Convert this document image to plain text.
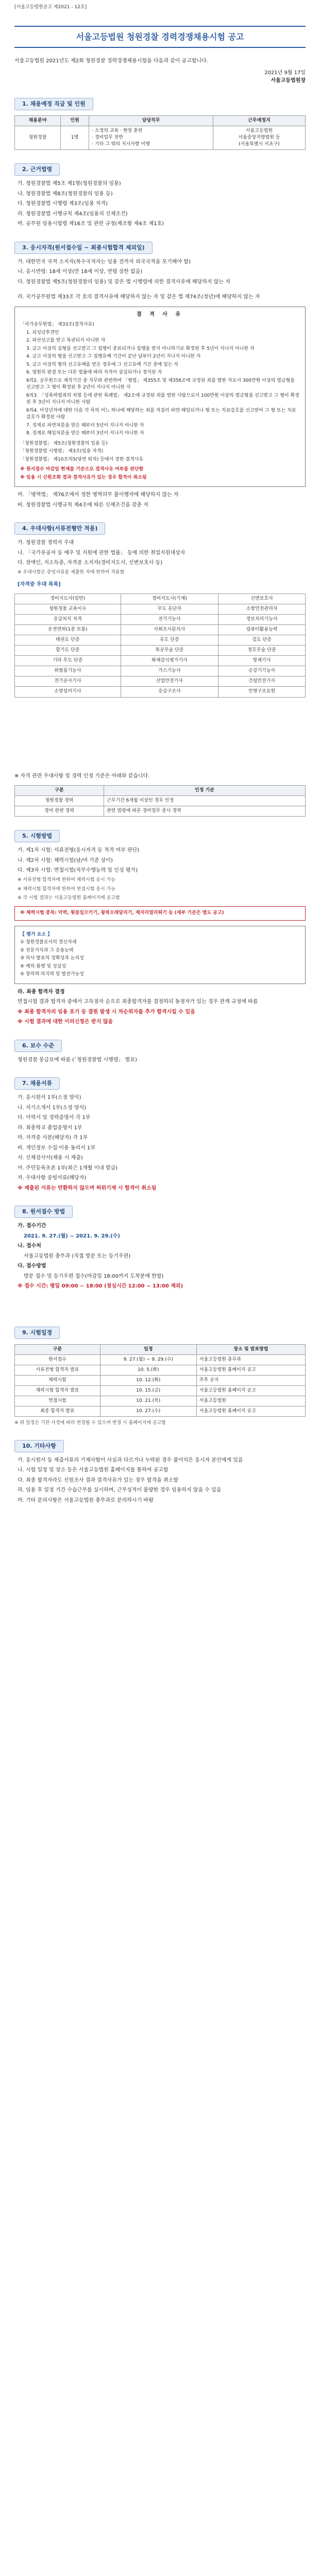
[서울고등법원공고 제2021 - 12호]
서울고등법원 청원경찰 경력경쟁채용시험 공고

서울고등법원 2021년도 제2회 청원경찰 경력경쟁채용시험을 다음과 같이 공고합니다.

2021년 9월 17일
서울고등법원장
1. 채용예정 직급 및 인원
채용분야	인원	담당직무	근무예정지
청원경찰	1명	· 소정의 교육 · 현장 훈련
· 경비업무 전반
· 기타 그 밖의 지시사항 이행	서울고등법원
서울중앙지방법원 등
(서울특별시 서초구)
2. 근거법령

가. 청원경찰법 제5조 제1항(청원경찰의 임용)

나. 청원경찰법 제8조(청원경찰의 임용 등)

다. 청원경찰법 시행령 제3조(임용 자격)

라. 청원경찰법 시행규칙 제4조(임용의 신체조건)

마. 공무원 임용시험령 제16조 및 관련 규정(제조항 제4조 제1호)

3. 응시자격(원서접수일 ~ 최종시험합격 제외일)

가. 대한민국 국적 소지자(복수국적자는 임용 전까지 외국국적을 포기해야 함)

나. 응시연령: 18세 이상(만 18세 이상, 연령 상한 없음)

다. 청원경찰법 제5조(청원경찰의 임용) 및 같은 법 시행령에 의한 결격사유에 해당하지 않는 자

라. 국가공무원법 제33조 각 호의 결격사유에 해당하지 않는 자 및 같은 법 제74조(정년)에 해당하지 않는 자

결 격 사 유

「국가공무원법」 제33조(결격사유)

1. 피성년후견인

2. 파산선고를 받고 복권되지 아니한 자

3. 금고 이상의 실형을 선고받고 그 집행이 종료되거나 집행을 받지 아니하기로 확정된 후 5년이 지나지 아니한 자

4. 금고 이상의 형을 선고받고 그 집행유예 기간이 끝난 날부터 2년이 지나지 아니한 자

5. 금고 이상의 형의 선고유예를 받은 경우에 그 선고유예 기간 중에 있는 자

6. 법원의 판결 또는 다른 법률에 따라 자격이 상실되거나 정지된 자

6의2. 공무원으로 재직기간 중 직무와 관련하여 「형법」 제355조 및 제356조에 규정된 죄를 범한 자로서 300만원 이상의 벌금형을 선고받고 그 형이 확정된 후 2년이 지나지 아니한 자

6의3. 「성폭력범죄의 처벌 등에 관한 특례법」 제2조에 규정된 죄를 범한 사람으로서 100만원 이상의 벌금형을 선고받고 그 형이 확정된 후 3년이 지나지 아니한 사람

6의4. 미성년자에 대한 다음 각 목의 어느 하나에 해당하는 죄를 저질러 파면·해임되거나 형 또는 치료감호를 선고받아 그 형 또는 치료감호가 확정된 사람

7. 징계로 파면처분을 받은 때부터 5년이 지나지 아니한 자

8. 징계로 해임처분을 받은 때부터 3년이 지나지 아니한 자

「청원경찰법」 제5조(청원경찰의 임용 등)

「청원경찰법 시행령」 제3조(임용 자격)

「청원경찰법」 제10조의5(당연 퇴직) 등에서 정한 결격사유

※ 원서접수 마감일 현재를 기준으로 결격사유 여부를 판단함

※ 임용 시 신원조회 결과 결격사유가 있는 경우 합격이 취소됨

마. 「병역법」 제76조에서 정한 병역의무 불이행자에 해당하지 않는 자

바. 청원경찰법 시행규칙 제4조에 따른 신체조건을 갖춘 자

4. 우대사항(서류전형만 적용)

가. 청원경찰 경력자 우대

나. 「국가유공자 등 예우 및 지원에 관한 법률」 등에 의한 취업지원대상자

다. 장애인, 저소득층, 자격증 소지자(경비지도사, 신변보호사 등)

※ 우대사항은 증빙서류를 제출한 자에 한하여 적용함

[자격증 우대 목록]

경비지도사(일반)	경비지도사(기계)	신변보호사
청원경찰 교육이수	무도 유단자	소방안전관리자
응급처치 자격	전기기능사	정보처리기능사
운전면허(1종 보통)	사회조사분석사	컴퓨터활용능력
태권도 단증	유도 단증	검도 단증
합기도 단증	특공무술 단증	경호무술 단증
기타 무도 단증	화재감식평가기사	방재기사
위험물기능사	가스기능사	승강기기능사
전기공사기사	산업안전기사	건설안전기사
소방설비기사	응급구조사	인명구조요원

※ 자격 관련 우대사항 및 경력 인정 기준은 아래와 같습니다.

구분	인정 기준
청원경찰 경력	근무기간 6개월 이상인 경우 인정
경비 관련 경력	관련 법령에 따른 경비업무 종사 경력
5. 시험방법

가. 제1차 시험: 서류전형(응시자격 등 적격 여부 판단)

나. 제2차 시험: 체력시험(남/여 기준 상이)

다. 제3차 시험: 면접시험(직무수행능력 및 인성 평가)

※ 서류전형 합격자에 한하여 체력시험 응시 가능

※ 체력시험 합격자에 한하여 면접시험 응시 가능

※ 각 시험 결과는 서울고등법원 홈페이지에 공고함

※ 체력시험 종목: 악력, 윗몸일으키기, 왕복오래달리기, 제자리멀리뛰기 등 (세부 기준은 별도 공고)

【 평가 요소 】

① 청원경찰로서의 정신자세

② 전문지식과 그 응용능력

③ 의사 발표의 정확성과 논리성

④ 예의·품행 및 성실성

⑤ 창의력·의지력 및 발전가능성

라. 최종 합격자 결정

면접시험 결과 합격자 중에서 고득점자 순으로 최종합격자를 결정하되 동점자가 있는 경우 관계 규정에 따름

※ 최종 합격자의 임용 포기 등 결원 발생 시 차순위자를 추가 합격시킬 수 있음

※ 시험 결과에 대한 이의신청은 받지 않음

6. 보수 수준

청원경찰 봉급표에 따름 (「청원경찰법 시행령」 별표)

7. 채용서류

가. 응시원서 1부(소정 양식)

나. 자기소개서 1부(소정 양식)

다. 이력서 및 경력증명서 각 1부

라. 최종학교 졸업증명서 1부

마. 자격증 사본(해당자) 각 1부

바. 개인정보 수집·이용 동의서 1부

사. 신체검사서(채용 시 제출)

아. 주민등록초본 1부(최근 1개월 이내 발급)

자. 우대사항 증빙서류(해당자)

※ 제출된 서류는 반환하지 않으며 허위기재 시 합격이 취소됨

8. 원서접수 방법

가. 접수기간

2021. 9. 27.(월) ~ 2021. 9. 29.(수)

나. 접수처

서울고등법원 총무과 (직접 방문 또는 등기우편)

다. 접수방법

방문 접수 및 등기우편 접수(마감일 18:00까지 도착분에 한함)

※ 접수 시간: 평일 09:00 ~ 18:00 (점심시간 12:00 ~ 13:00 제외)

9. 시험일정
구분	일정	장소 및 발표방법
원서접수	9. 27.(월) ~ 9. 29.(수)	서울고등법원 총무과
서류전형 합격자 발표	10. 5.(화)	서울고등법원 홈페이지 공고
체력시험	10. 12.(화)	추후 공지
체력시험 합격자 발표	10. 15.(금)	서울고등법원 홈페이지 공고
면접시험	10. 21.(목)	서울고등법원
최종 합격자 발표	10. 27.(수)	서울고등법원 홈페이지 공고

※ 위 일정은 기관 사정에 따라 변경될 수 있으며 변경 시 홈페이지에 공고함

10. 기타사항

가. 응시원서 등 제출서류의 기재사항이 사실과 다르거나 누락된 경우 불이익은 응시자 본인에게 있음

나. 시험 일정 및 장소 등은 서울고등법원 홈페이지를 통하여 공고함

다. 최종 합격자라도 신원조사 결과 결격사유가 있는 경우 합격을 취소함

라. 임용 후 일정 기간 수습근무를 실시하며, 근무성적이 불량한 경우 임용하지 않을 수 있음

마. 기타 문의사항은 서울고등법원 총무과로 문의하시기 바람
